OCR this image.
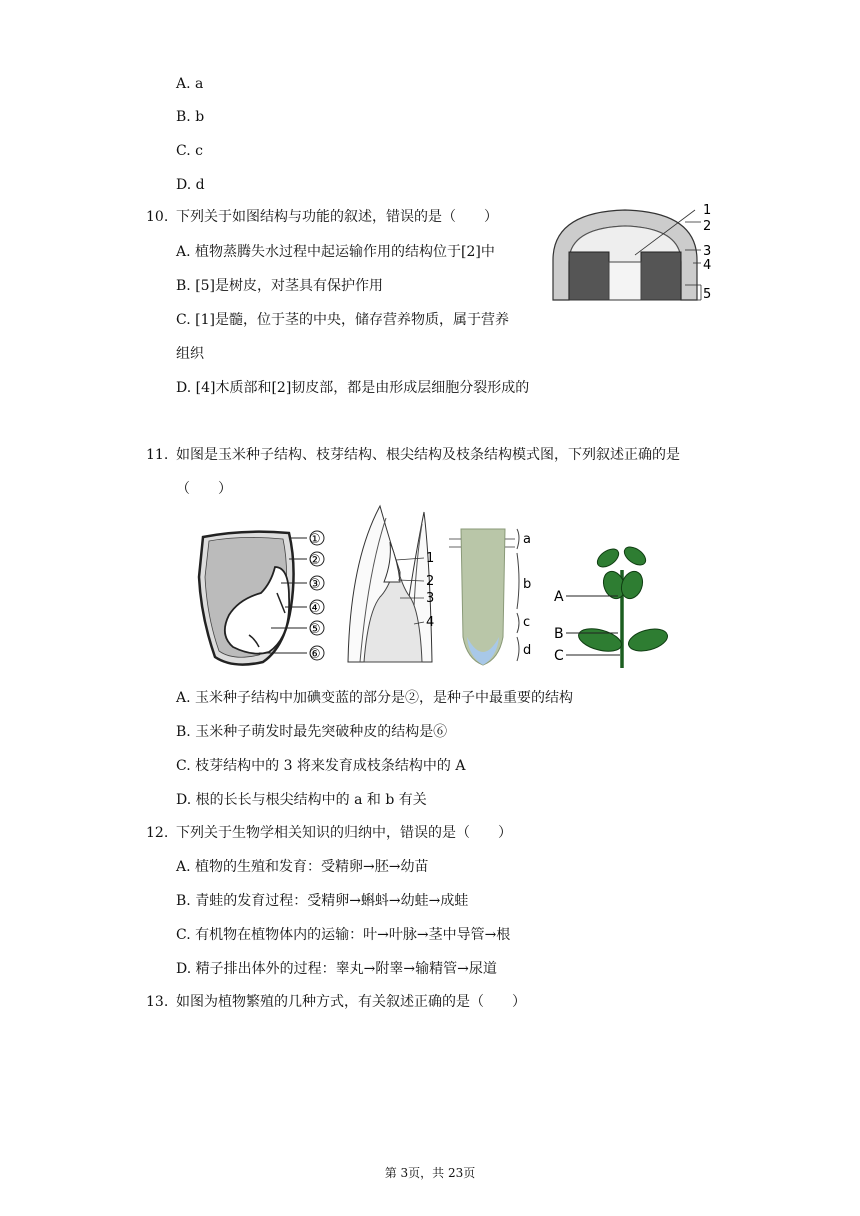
A. a
B. b
C. c
D. d
10. 下列关于如图结构与功能的叙述，错误的是（　　）
A. 植物蒸腾失水过程中起运输作用的结构位于[2]中
B. [5]是树皮，对茎具有保护作用
C. [1]是髓，位于茎的中央，储存营养物质，属于营养
组织
D. [4]木质部和[2]韧皮部，都是由形成层细胞分裂形成的
1
2
3
4
5
11. 如图是玉米种子结构、枝芽结构、根尖结构及枝条结构模式图，下列叙述正确的是
（　　）
①
②
③
④
⑤
⑥
1
2
3
4
a
b
c
d
A
B
C
A. 玉米种子结构中加碘变蓝的部分是②，是种子中最重要的结构
B. 玉米种子萌发时最先突破种皮的结构是⑥
C. 枝芽结构中的 3 将来发育成枝条结构中的 A
D. 根的长长与根尖结构中的 a 和 b 有关
12. 下列关于生物学相关知识的归纳中，错误的是（　　）
A. 植物的生殖和发育：受精卵→胚→幼苗
B. 青蛙的发育过程：受精卵→蝌蚪→幼蛙→成蛙
C. 有机物在植物体内的运输：叶→叶脉→茎中导管→根
D. 精子排出体外的过程：睾丸→附睾→输精管→尿道
13. 如图为植物繁殖的几种方式，有关叙述正确的是（　　）
第 3页，共 23页
